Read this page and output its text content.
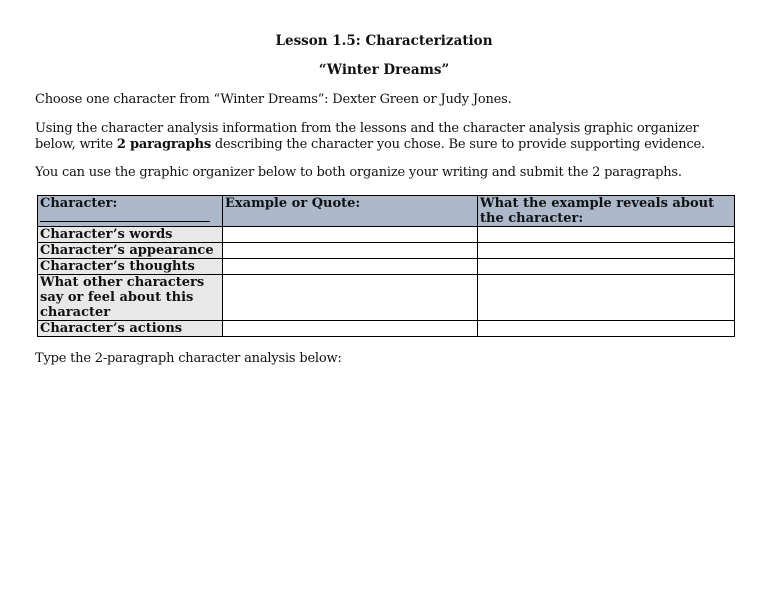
Lesson 1.5: Characterization
“Winter Dreams”
Choose one character from “Winter Dreams”: Dexter Green or Judy Jones.
Using the character analysis information from the lessons and the character analysis graphic organizer below, write 2 paragraphs describing the character you chose. Be sure to provide supporting evidence.
You can use the graphic organizer below to both organize your writing and submit the 2 paragraphs.
Character:	Example or Quote:	What the example reveals about the character:
Character’s words		
Character’s appearance		
Character’s thoughts		
What other characters say or feel about this character		
Character’s actions		
Type the 2-paragraph character analysis below:
